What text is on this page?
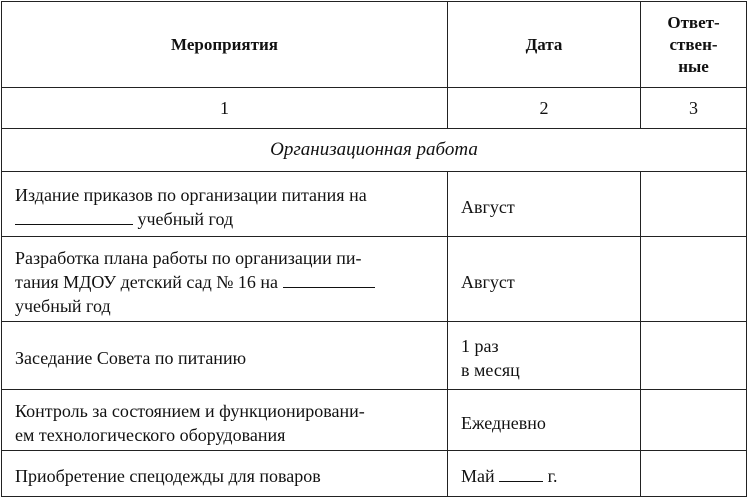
Мероприятия	Дата	Ответ-
ствен-
ные

1	2	3
Организационная работа		

Издание приказов по организации питания на
учебный год	Август	

Разработка плана работы по организации пи-
тания МДОУ детский сад № 16 на
учебный год	Август	

Заседание Совета по питанию	1 раз
в месяц	

Контроль за состоянием и функционировани-
ем технологического оборудования	Ежедневно	

Приобретение спецодежды для поваров	Май г.	
